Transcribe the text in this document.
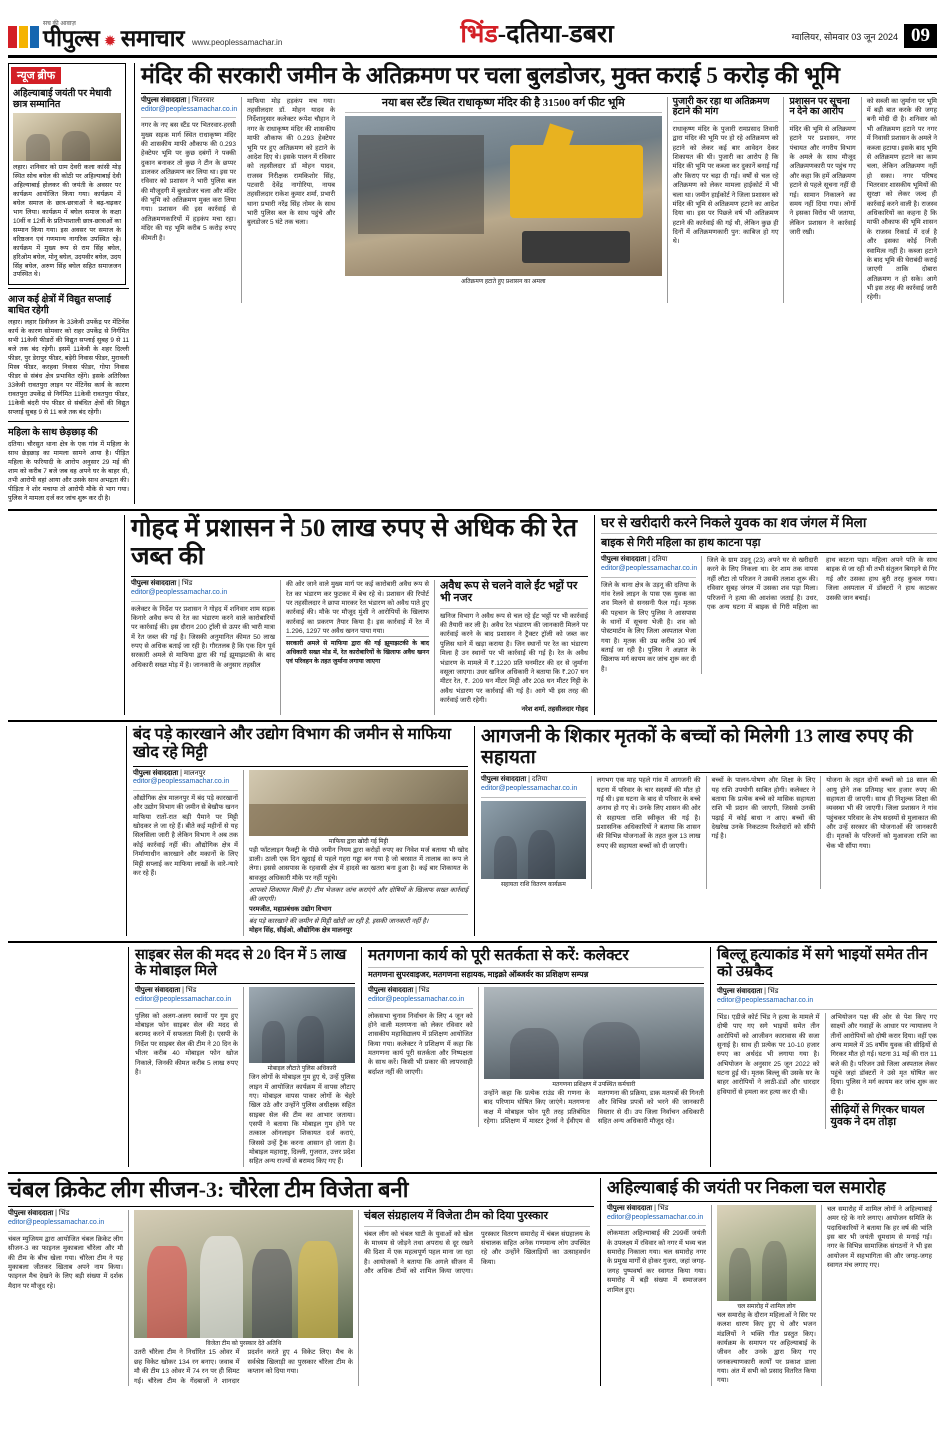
सच की आवाज़
पीपुल्स ✹ समाचार www.peoplessamachar.in	भिंड-दतिया-डबरा	ग्वालियर, सोमवार 03 जून 2024 09
न्यूज ब्रीफ
अहिल्याबाई जयंती पर मेधावी छात्र सम्मानित
लहार। शनिवार को ग्राम देवरी कला कांसी मोड़ स्थित सोच बघेल की कोठी पर अहिल्याबाई देवी अहिल्याबाई होलकर की जयंती के अवसर पर कार्यक्रम आयोजित किया गया। कार्यक्रम में बघेल समाज के छात्र-छात्राओं ने बढ़-चढ़कर भाग लिया। कार्यक्रम में बघेल समाज के कक्षा 10वीं व 12वीं के प्रतिभाशाली छात्र-छात्राओं का सम्मान किया गया। इस अवसर पर समाज के वरिष्ठजन एवं गणमान्य नागरिक उपस्थित रहे। कार्यक्रम में मुख्य रूप से राम सिंह बघेल, हरिओम बघेल, मोनू बघेल, उदयवीर बघेल, उदय सिंह बघेल, अरुण सिंह बघेल सहित समाजजन उपस्थित थे।
आज कई क्षेत्रों में विद्युत सप्लाई बाधित रहेगी
लहार। लहार डिवीजन के 33केवी उपकेंद्र पर मेंटिनेंस कार्य के कारण सोमवार को राहर उपकेंद्र से निर्गमित सभी 11केवी फीडरों की विद्युत सप्लाई सुबह 9 से 11 बजे तक बंद रहेगी। इसमें 11केवी के शहर दिल्ली फीडर, पुर डेरापुर फीडर, बड़ेरी निवास फीडर, मुरावली मिस्त्र फीडर, करहवा निवास फीडर, गोपा निवास फीडर से संबंध क्षेत्र प्रभावित रहेंगे। इसके अतिरिक्त 33केवी रावतपुरा लाइन पर मेंटिनेंस कार्य के कारण रावतपुरा उपकेंद्र से निर्गमित 11केवी रावतपुरा फीडर, 11केवी बंदरी पंप फीडर से संबंधित क्षेत्रों की विद्युत सप्लाई सुबह 9 से 11 बजे तक बंद रहेगी।
महिला के साथ छेड़छाड़ की
दतिया। चौरसुत थाना क्षेत्र के एक गांव में महिला के साथ छेड़छाड़ का मामला सामने आया है। पीड़ित महिला के फरियादी के आरोप अनुसार 29 मई की शाम को करीब 7 बजे जब वह अपने घर के बाहर थी, तभी आरोपी वहां आया और उसके साथ अभद्रता की। पीड़िता ने शोर मचाया तो आरोपी मौके से भाग गया। पुलिस ने मामला दर्ज कर जांच शुरू कर दी है।
मंदिर की सरकारी जमीन के अतिक्रमण पर चला बुलडोजर, मुक्त कराई 5 करोड़ की भूमि
पीपुल्स संवाददाता | भितरवार
editor@peoplessamachar.co.in
नगर के नए बस स्टैंड पर भितरवार-हरसी मुख्य सड़क मार्ग स्थित राधाकृष्ण मंदिर की शासकीय माफी औकाफ की 0.293 हेक्टेयर भूमि पर कुछ दबंगों ने पक्की दुकान बनाकर तो कुछ ने टीन के छप्पर डालकर अतिक्रमण कर लिया था। इस पर रविवार को प्रशासन ने भारी पुलिस बल की मौजूदगी में बुलडोजर चला और मंदिर की भूमि को अतिक्रमण मुक्त करा लिया गया। प्रशासन की इस कार्रवाई से अतिक्रमणकारियों में हड़कंप मचा रहा। मंदिर की यह भूमि करीब 5 करोड़ रुपए कीमती है।
माफिया मोड़ हड़कंप मच गया। तहसीलदार डॉ. मोहन यादव के निर्देशानुसार कलेक्टर रूपेश चौहान ने नगर के राधाकृष्ण मंदिर की शासकीय माफी औकाफ की 0.293 हेक्टेयर भूमि पर हुए अतिक्रमण को हटाने के आदेश दिए थे। इसके पालन में रविवार को तहसीलदार डॉ मोहन यादव, राजस्व निरीक्षक रामकिशोर सिंह, पटवारी देवेंद्र नागोरिया, नायब तहसीलदार राकेश कुमार शर्मा, प्रभारी थाना प्रभारी नरेंद्र सिंह तोमर के साथ भारी पुलिस बल के साथ पहुंचे और बुलडोजर 5 घंटे तक चला।
नया बस स्टैंड स्थित राधाकृष्ण मंदिर की है 31500 वर्ग फीट भूमि
अतिक्रमण हटाते हुए प्रशासन का अमला
पुजारी कर रहा था अतिक्रमण हटाने की मांग
राधाकृष्ण मंदिर के पुजारी रामप्रसाद तिवारी द्वारा मंदिर की भूमि पर हो रहे अतिक्रमण को हटाने को लेकर कई बार आवेदन देकर शिकायत की थी। पुजारी का आरोप है कि मंदिर की भूमि पर कब्जा कर दुकानें बनाई गईं और किराए पर चढ़ा दी गईं। वर्षों से चल रहे अतिक्रमण को लेकर मामला हाईकोर्ट में भी चला था। जमीन हाईकोर्ट ने जिला प्रशासन को मंदिर की भूमि से अतिक्रमण हटाने का आदेश दिया था। इस पर पिछले वर्ष भी अतिक्रमण हटाने की कार्रवाई की गई थी, लेकिन कुछ ही दिनों में अतिक्रमणकारी पुन: काबिज हो गए थे।
प्रशासन पर सूचना न देने का आरोप
मंदिर की भूमि से अतिक्रमण हटाने पर प्रशासन, नगर पंचायत और नगरीय विभाग के अमले के साथ मौजूद अतिक्रमणकारी पर पहुंच गए और कहा कि हमें अतिक्रमण हटाने से पहले सूचना नहीं दी गई। सामान निकालने का समय नहीं दिया गया। लोगों ने इसका विरोध भी जताया, लेकिन प्रशासन ने कार्रवाई जारी रखी।
को सब्जी का जुर्माना पर भूमि में बड़ी बात करके की जगह बनी मोदी दी है। शनिवार को भी अतिक्रमण हटाने पर नगर में निवासी प्रशासन के अमले ने कब्जा हटाया। इसके बाद भूमि से अतिक्रमण हटाने का काम चला, लेकिन अतिक्रमण नहीं हो सका। नगर परिषद भितरवार शासकीय भूमियों की सुरक्षा को लेकर जल्द ही कार्रवाई करने वाली है। राजस्व अधिकारियों का कहना है कि माफी औकाफ की भूमि शासन के राजस्व रिकार्ड में दर्ज है और इसका कोई निजी स्वामित्व नहीं है। कब्जा हटाने के बाद भूमि की घेराबंदी कराई जाएगी ताकि दोबारा अतिक्रमण न हो सके। आगे भी इस तरह की कार्रवाई जारी रहेगी।
गोहद में प्रशासन ने 50 लाख रुपए से अधिक की रेत जब्त की
पीपुल्स संवाददाता | भिंड
editor@peoplessamachar.co.in
कलेक्टर के निर्देश पर प्रशासन ने गोहद में शनिवार शाम सड़क किनारे अवैध रूप से रेत का भंडारण करने वाले कारोबारियों पर कार्रवाई की। इस दौरान 200 ट्रॉली से ऊपर की भारी मात्रा में रेत जब्त की गई है। जिसकी अनुमानित कीमत 50 लाख रुपए से अधिक बताई जा रही है। गौरतलब है कि एक दिन पूर्व सरकारी अमले से माफिया द्वारा की गई झूमाझटकी के बाद अधिकारी सख्त मोड़ में है। जानकारी के अनुसार तहसील
की ओर जाने वाले मुख्य मार्ग पर कई कारोबारी अवैध रूप से रेत का भंडारण कर फुटकर में बेच रहे थे। प्रशासन की रिपोर्ट पर तहसीलदार ने छापा मारकर रेत भंडारण को अवैध पाते हुए कार्रवाई की। मौके पर मौजूद मुंशी ने आरोपियों के खिलाफ कार्रवाई का प्रकरण तैयार किया है। इस कार्रवाई में रेत में 1.296, 1297 पर अवैध खनन पाया गया।
सरकारी अमले से माफिया द्वारा की गई झूमाझटकी के बाद अधिकारी सख्त मोड में, रेत कारोबारियों के खिलाफ अवैध खनन एवं परिवहन के तहत जुर्माना लगाया जाएगा
अवैध रूप से चलने वाले ईंट भट्टों पर भी नजर
खनिज विभाग ने अवैध रूप से चल रहे ईंट भट्ठों पर भी कार्रवाई की तैयारी कर ली है। अवैध रेत भंडारण की जानकारी मिलने पर कार्रवाई करने के बाद प्रशासन ने ट्रैक्टर ट्रॉली को जब्त कर पुलिस थाने में खड़ा कराया है। जिन स्थानों पर रेत का भंडारण मिला है उन स्थानों पर भी कार्रवाई की गई है। रेत के अवैध भंडारण के मामले में ₹.1220 प्रति घनमीटर की दर से जुर्माना वसूला जाएगा। उधर खनिज अधिकारी ने बताया कि ₹.207 घन मीटर रेत, ₹. 209 घन मीटर मिट्टी और 208 घन मीटर गिट्टी के अवैध भंडारण पर कार्रवाई की गई है। आगे भी इस तरह की कार्रवाई जारी रहेगी।
नरेश शर्मा, तहसीलदार गोहद
घर से खरीदारी करने निकले युवक का शव जंगल में मिला
बाइक से गिरी महिला का हाथ काटना पड़ा
पीपुल्स संवाददाता | दतिया
editor@peoplessamachar.co.in
जिले के थाना क्षेत्र के उड़नू की दतिया के गांव रेलवे लाइन के पास एक युवक का शव मिलने से सनसनी फैल गई। मृतक की पहचान के लिए पुलिस ने आसपास के थानों में सूचना भेजी है। शव को पोस्टमार्टम के लिए जिला अस्पताल भेजा गया है। मृतक की उम्र करीब 30 वर्ष बताई जा रही है। पुलिस ने अज्ञात के खिलाफ मर्ग कायम कर जांच शुरू कर दी है।
जिले के ग्राम उड़नू (23) अपने घर से खरीदारी करने के लिए निकला था। देर शाम तक वापस नहीं लौटा तो परिजन ने उसकी तलाश शुरू की। रविवार सुबह जंगल में उसका शव पड़ा मिला। परिजनों ने हत्या की आशंका जताई है। उधर, एक अन्य घटना में बाइक से गिरी महिला का हाथ काटना पड़ा। महिला अपने पति के साथ बाइक से जा रही थी तभी संतुलन बिगड़ने से गिर गई और उसका हाथ बुरी तरह कुचल गया। जिला अस्पताल में डॉक्टरों ने हाथ काटकर उसकी जान बचाई।
बंद पड़े कारखाने और उद्योग विभाग की जमीन से माफिया खोद रहे मिट्टी
पीपुल्स संवाददाता | मालनपुर
editor@peoplessamachar.co.in
औद्योगिक क्षेत्र मालनपुर में बंद पड़े कारखानों और उद्योग विभाग की जमीन से बेखौफ खनन माफिया रातों-रात बड़ी पैमाने पर मिट्टी खोदकर ले जा रहे हैं। बीते कई महीनों से यह सिलसिला जारी है लेकिन विभाग ने अब तक कोई कार्रवाई नहीं की। औद्योगिक क्षेत्र में निर्माणाधीन कारखाने और मकानों के लिए मिट्टी सप्लाई कर माफिया लाखों के वारे-न्यारे कर रहे हैं।
माफिया द्वारा खोदी गई मिट्टी
पड़ी फॉटलाइन फैक्ट्री के पीछे जमीन नियम द्वारा करोड़ों रुपए का निवेश मर्ज बताया भी खोद डाली। ठाली एक दिन खुदाई से पहले गहरा गड्ढा बन गया है जो बरसात में तालाब का रूप ले लेगा। इससे आसपास के रहवासी क्षेत्र में हादसे का खतरा बना हुआ है। कई बार शिकायत के बावजूद अधिकारी मौके पर नहीं पहुंचे।
आपको शिकायत मिली है। टीम भेजकर जांच कराएंगे और दोषियों के खिलाफ सख्त कार्रवाई की जाएगी।
परमजीत, महाप्रबंधक उद्योग विभाग
बंद पड़े कारखाने की जमीन से मिट्टी खोदी जा रही है, इसकी जानकारी नहीं है।
मोहन सिंह, सीईओ, औद्योगिक क्षेत्र मालनपुर
आगजनी के शिकार मृतकों के बच्चों को मिलेगी 13 लाख रुपए की सहायता
पीपुल्स संवाददाता | दतिया
editor@peoplessamachar.co.in
सहायता राशि वितरण कार्यक्रम
लगभग एक माह पहले गांव में आगजनी की घटना में परिवार के चार सदस्यों की मौत हो गई थी। इस घटना के बाद से परिवार के बच्चे अनाथ हो गए थे। उनके लिए शासन की ओर से सहायता राशि स्वीकृत की गई है। प्रशासनिक अधिकारियों ने बताया कि शासन की विभिन्न योजनाओं के तहत कुल 13 लाख रुपए की सहायता बच्चों को दी जाएगी।
बच्चों के पालन-पोषण और शिक्षा के लिए यह राशि उपयोगी साबित होगी। कलेक्टर ने बताया कि प्रत्येक बच्चे को मासिक सहायता राशि भी प्रदान की जाएगी, जिससे उनकी पढ़ाई में कोई बाधा न आए। बच्चों की देखरेख उनके निकटतम रिश्तेदारों को सौंपी गई है।
योजना के तहत दोनों बच्चों को 18 साल की आयु होने तक प्रतिमाह चार हजार रुपए की सहायता दी जाएगी। साथ ही निशुल्क शिक्षा की व्यवस्था भी की जाएगी। जिला प्रशासन ने गांव पहुंचकर परिवार के शेष सदस्यों से मुलाकात की और उन्हें सरकार की योजनाओं की जानकारी दी। मृतकों के परिजनों को मुआवजा राशि का चेक भी सौंपा गया।
साइबर सेल की मदद से 20 दिन में 5 लाख के मोबाइल मिले
पीपुल्स संवाददाता | भिंड
editor@peoplessamachar.co.in
पुलिस को अलग-अलग स्थानों पर गुम हुए मोबाइल फोन साइबर सेल की मदद से बरामद करने में सफलता मिली है। एसपी के निर्देश पर साइबर सेल की टीम ने 20 दिन के भीतर करीब 40 मोबाइल फोन खोज निकाले, जिनकी कीमत करीब 5 लाख रुपए है।	मोबाइल लौटाते पुलिस अधिकारी
जिन लोगों के मोबाइल गुम हुए थे, उन्हें पुलिस लाइन में आयोजित कार्यक्रम में वापस लौटाए गए। मोबाइल वापस पाकर लोगों के चेहरे खिल उठे और उन्होंने पुलिस अधीक्षक सहित साइबर सेल की टीम का आभार जताया। एसपी ने बताया कि मोबाइल गुम होने पर तत्काल ऑनलाइन शिकायत दर्ज कराएं, जिससे उन्हें ट्रैक करना आसान हो जाता है। मोबाइल महाराष्ट्र, दिल्ली, गुजरात, उत्तर प्रदेश सहित अन्य राज्यों से बरामद किए गए हैं।
मतगणना कार्य को पूरी सतर्कता से करें: कलेक्टर
मतगणना सुपरवाइजर, मतगणना सहायक, माइक्रो ऑब्जर्वर का प्रशिक्षण सम्पन्न
पीपुल्स संवाददाता | भिंड
editor@peoplessamachar.co.in
लोकसभा चुनाव निर्वाचन के लिए 4 जून को होने वाली मतगणना को लेकर रविवार को शासकीय महाविद्यालय में प्रशिक्षण आयोजित किया गया। कलेक्टर ने प्रशिक्षण में कहा कि मतगणना कार्य पूरी सतर्कता और निष्पक्षता के साथ करें। किसी भी प्रकार की लापरवाही बर्दाश्त नहीं की जाएगी।
मतगणना प्रशिक्षण में उपस्थित कर्मचारी
उन्होंने कहा कि प्रत्येक राउंड की गणना के बाद परिणाम घोषित किए जाएंगे। मतगणना कक्ष में मोबाइल फोन पूरी तरह प्रतिबंधित रहेगा। प्रशिक्षण में मास्टर ट्रेनर्स ने ईवीएम से मतगणना की प्रक्रिया, डाक मतपत्रों की गिनती और विभिन्न प्रपत्रों को भरने की जानकारी विस्तार से दी। उप जिला निर्वाचन अधिकारी सहित अन्य अधिकारी मौजूद रहे।
बिल्लू हत्याकांड में सगे भाइयों समेत तीन को उम्रकैद
पीपुल्स संवाददाता | भिंड
editor@peoplessamachar.co.in
भिंड। एडीजे कोर्ट भिंड ने हत्या के मामले में दोषी पाए गए सगे भाइयों समेत तीन आरोपियों को आजीवन कारावास की सजा सुनाई है। साथ ही प्रत्येक पर 10-10 हजार रुपए का अर्थदंड भी लगाया गया है। अभियोजन के अनुसार 25 जून 2022 को घटना हुई थी। मृतक बिल्लू की उसके घर के बाहर आरोपियों ने लाठी-डंडों और धारदार हथियारों से हमला कर हत्या कर दी थी।
अभियोजन पक्ष की ओर से पेश किए गए साक्ष्यों और गवाहों के आधार पर न्यायालय ने तीनों आरोपियों को दोषी करार दिया। वहीं एक अन्य मामले में 35 वर्षीय युवक की सीढ़ियों से गिरकर मौत हो गई। घटना 31 मई की रात 11 बजे की है। परिजन उसे जिला अस्पताल लेकर पहुंचे जहां डॉक्टरों ने उसे मृत घोषित कर दिया। पुलिस ने मर्ग कायम कर जांच शुरू कर दी है।
सीढ़ियों से गिरकर घायल युवक ने दम तोड़ा
चंबल क्रिकेट लीग सीजन-3: चौरेला टीम विजेता बनी
पीपुल्स संवाददाता | भिंड
editor@peoplessamachar.co.in
चंबल म्युजियम द्वारा आयोजित चंबल क्रिकेट लीग सीजन-3 का फाइनल मुकाबला चौरेला और मौ की टीम के बीच खेला गया। चौरेला टीम ने यह मुकाबला जीतकर खिताब अपने नाम किया। फाइनल मैच देखने के लिए बड़ी संख्या में दर्शक मैदान पर मौजूद रहे।
विजेता टीम को पुरस्कार देते अतिथि
उतरी चौरेला टीम ने निर्धारित 15 ओवर में छह विकेट खोकर 134 रन बनाए। जवाब में मौ की टीम 13 ओवर में 74 रन पर ही सिमट गई। चौरेला टीम के गेंदबाजों ने शानदार प्रदर्शन करते हुए 4 विकेट लिए। मैच के सर्वश्रेष्ठ खिलाड़ी का पुरस्कार चौरेला टीम के कप्तान को दिया गया।
चंबल संग्रहालय में विजेता टीम को दिया पुरस्कार
चंबल लीग को चंबल घाटी के युवाओं को खेल के माध्यम से जोड़ने तथा अपराध से दूर रखने की दिशा में एक महत्वपूर्ण पहल माना जा रहा है। आयोजकों ने बताया कि अगले सीजन में और अधिक टीमों को शामिल किया जाएगा। पुरस्कार वितरण समारोह में चंबल संग्रहालय के संचालक सहित अनेक गणमान्य लोग उपस्थित रहे और उन्होंने खिलाड़ियों का उत्साहवर्धन किया।
अहिल्याबाई की जयंती पर निकला चल समारोह
पीपुल्स संवाददाता | भिंड
editor@peoplessamachar.co.in
लोकमाता अहिल्याबाई की 299वीं जयंती के उपलक्ष्य में रविवार को नगर में भव्य चल समारोह निकाला गया। चल समारोह नगर के प्रमुख मार्गों से होकर गुजरा, जहां जगह-जगह पुष्पवर्षा कर स्वागत किया गया। समारोह में बड़ी संख्या में समाजजन शामिल हुए।
चल समारोह में शामिल लोग
चल समारोह के दौरान महिलाओं ने सिर पर कलश धारण किए हुए थे और भजन मंडलियों ने भक्ति गीत प्रस्तुत किए। कार्यक्रम के समापन पर अहिल्याबाई के जीवन और उनके द्वारा किए गए जनकल्याणकारी कार्यों पर प्रकाश डाला गया। अंत में सभी को प्रसाद वितरित किया गया।
चल समारोह में शामिल लोगों ने अहिल्याबाई अमर रहे के नारे लगाए। आयोजन समिति के पदाधिकारियों ने बताया कि हर वर्ष की भांति इस बार भी जयंती धूमधाम से मनाई गई। नगर के विभिन्न सामाजिक संगठनों ने भी इस आयोजन में सहभागिता की और जगह-जगह स्वागत मंच लगाए गए।
